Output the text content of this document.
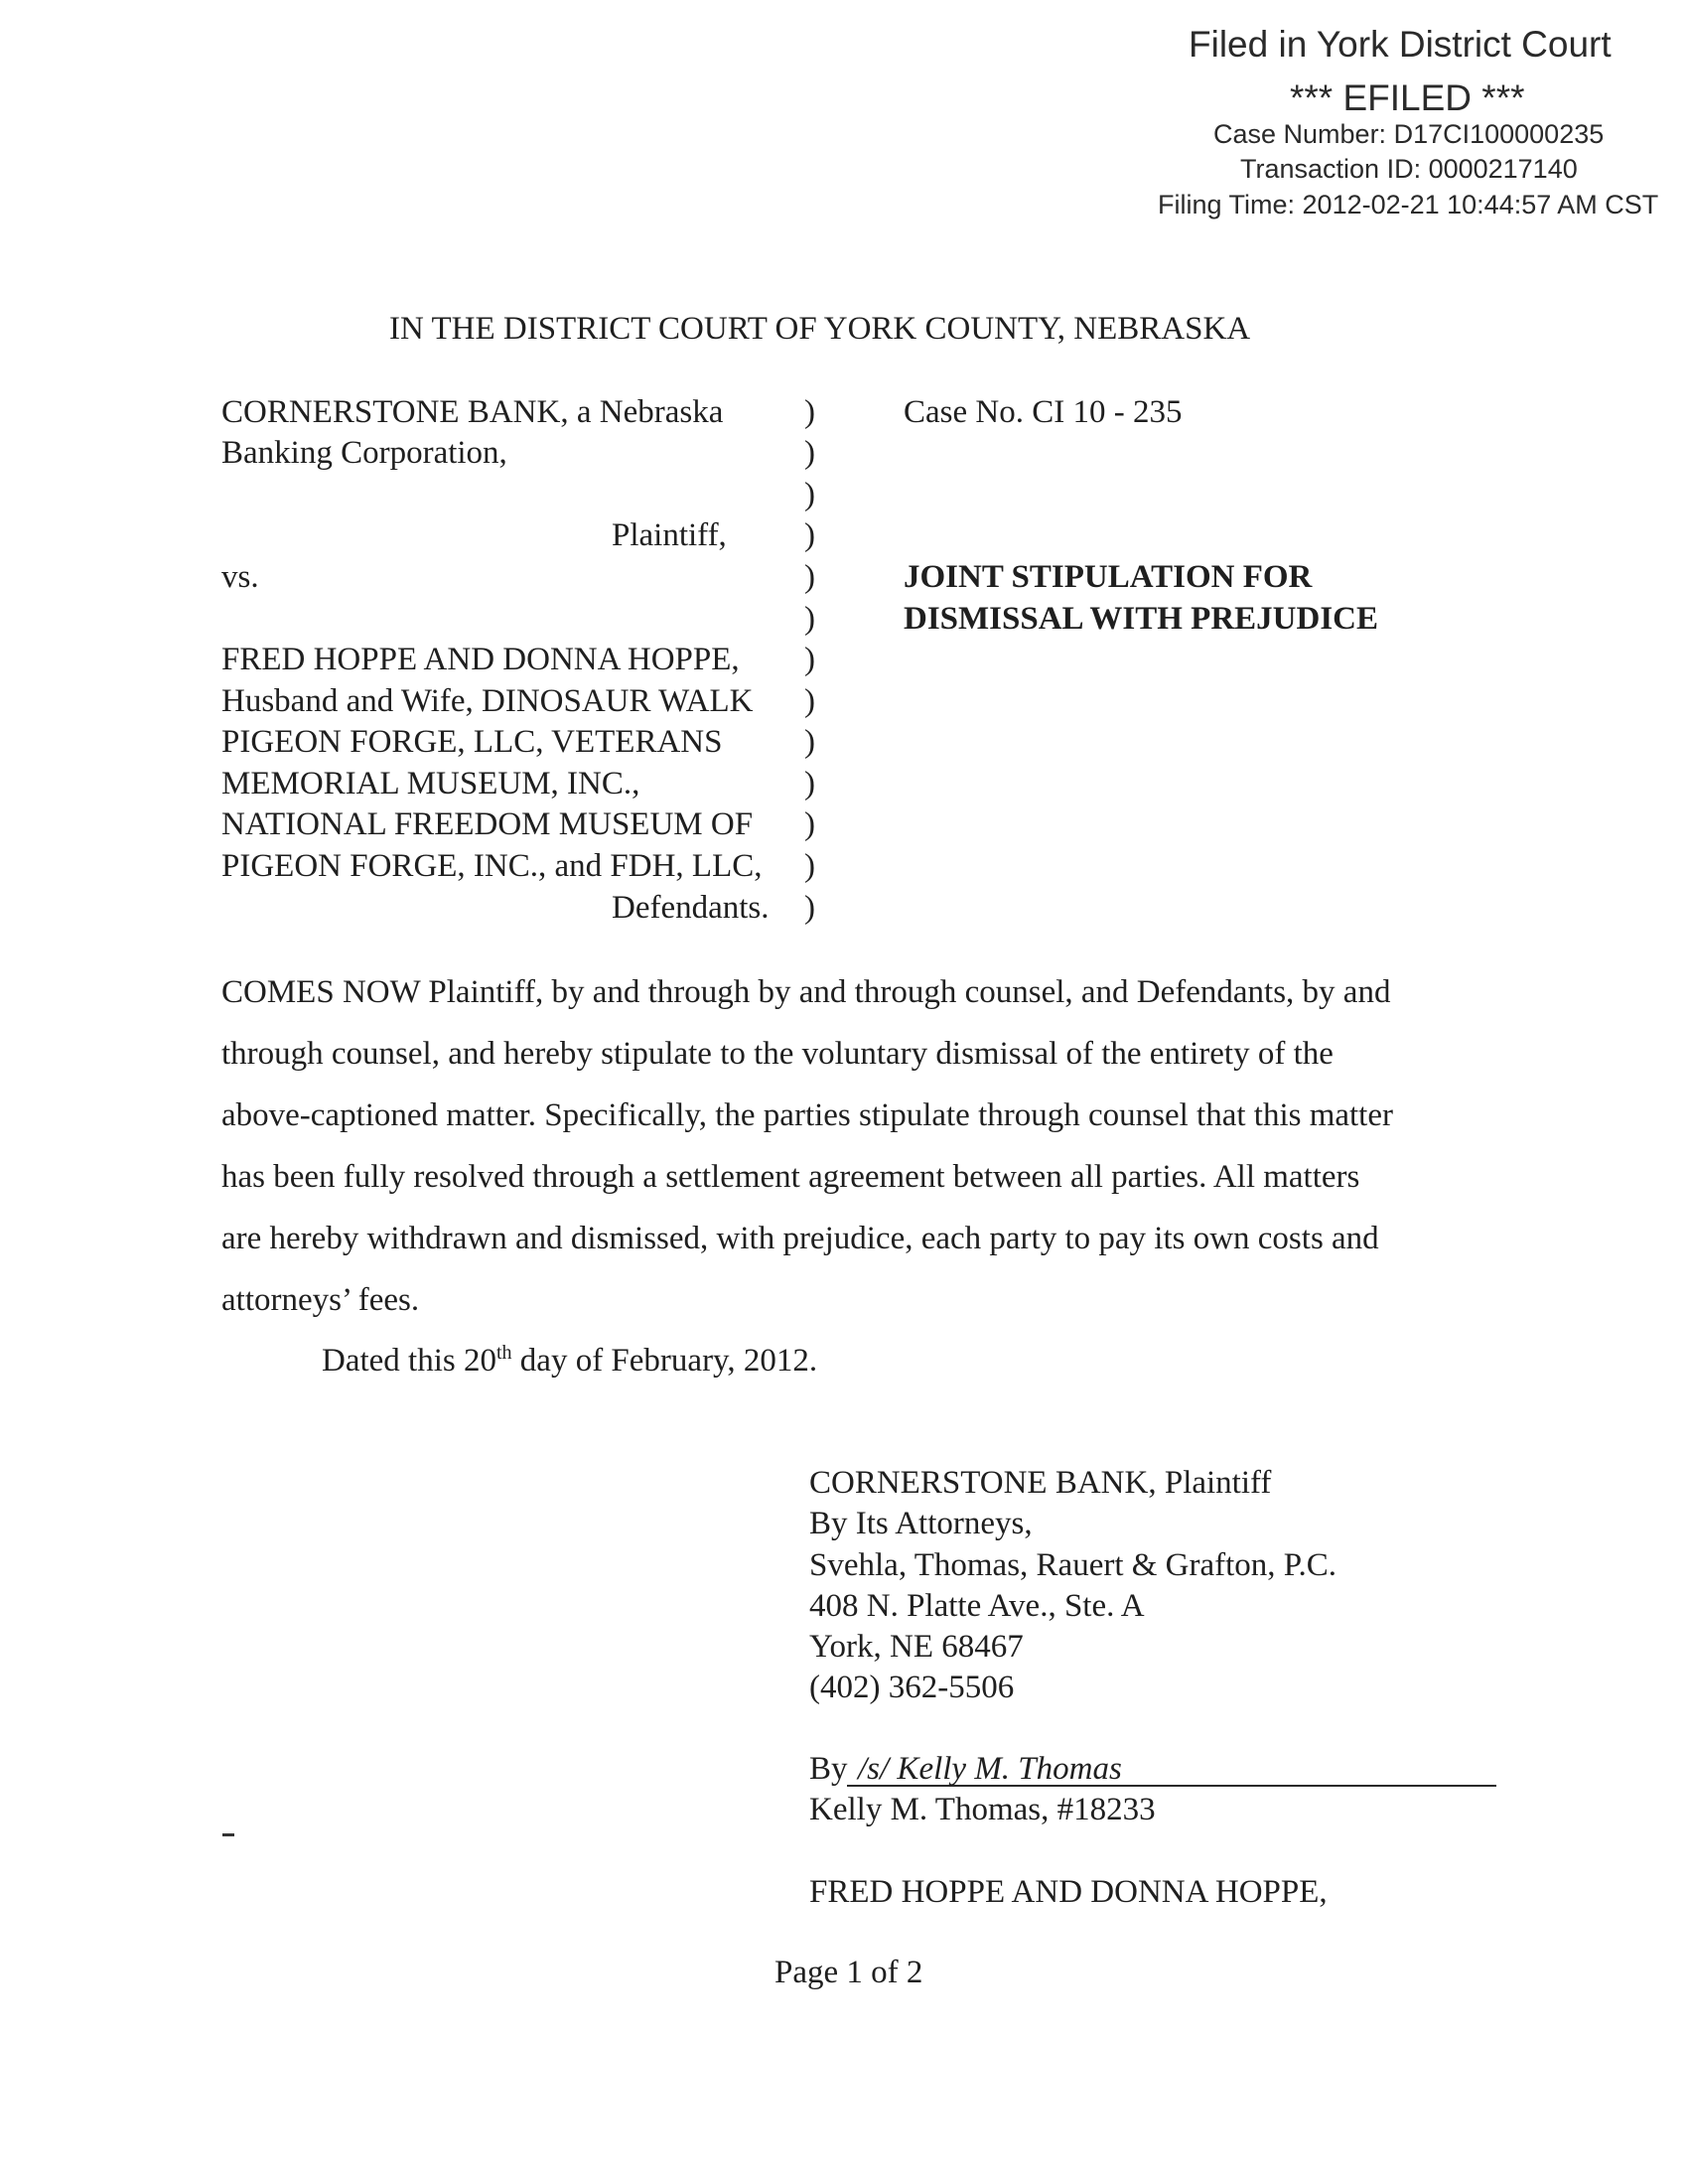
Filed in York District Court
*** EFILED ***
Case Number: D17CI100000235
Transaction ID: 0000217140
Filing Time: 2012-02-21 10:44:57 AM CST
IN THE DISTRICT COURT OF YORK COUNTY, NEBRASKA
CORNERSTONE BANK, a Nebraska
Banking Corporation,
Plaintiff,
vs.
FRED HOPPE AND DONNA HOPPE,
Husband and Wife, DINOSAUR WALK
PIGEON FORGE, LLC, VETERANS
MEMORIAL MUSEUM, INC.,
NATIONAL FREEDOM MUSEUM OF
PIGEON FORGE, INC., and FDH, LLC,
Defendants.
)
)
)
)
)
)
)
)
)
)
)
)
)
Case No. CI 10 - 235
JOINT STIPULATION FOR
DISMISSAL WITH PREJUDICE
COMES NOW Plaintiff, by and through by and through counsel, and Defendants, by and
through counsel, and hereby stipulate to the voluntary dismissal of the entirety of the
above-captioned matter. Specifically, the parties stipulate through counsel that this matter
has been fully resolved through a settlement agreement between all parties. All matters
are hereby withdrawn and dismissed, with prejudice, each party to pay its own costs and
attorneys’ fees.
Dated this 20th day of February, 2012.
CORNERSTONE BANK, Plaintiff
By Its Attorneys,
Svehla, Thomas, Rauert & Grafton, P.C.
408 N. Platte Ave., Ste. A
York, NE 68467
(402) 362-5506
By /s/ Kelly M. Thomas
Kelly M. Thomas, #18233
FRED HOPPE AND DONNA HOPPE,
Page 1 of 2
